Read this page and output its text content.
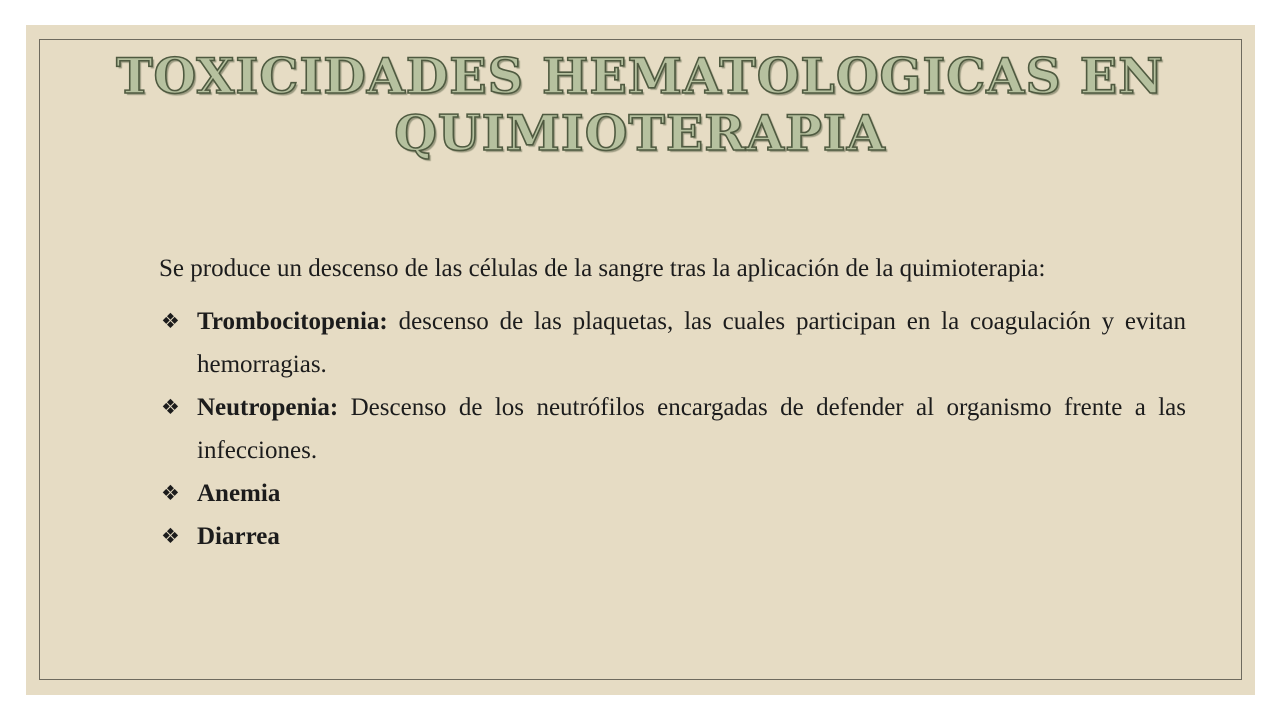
TOXICIDADES HEMATOLOGICAS EN
QUIMIOTERAPIA

Se produce un descenso de las células de la sangre tras la aplicación de la quimioterapia:

❖ Trombocitopenia: descenso de las plaquetas, las cuales participan en la coagulación y evitan hemorragias.
❖ Neutropenia: Descenso de los neutrófilos encargadas de defender al organismo frente a las infecciones.
❖ Anemia
❖ Diarrea
